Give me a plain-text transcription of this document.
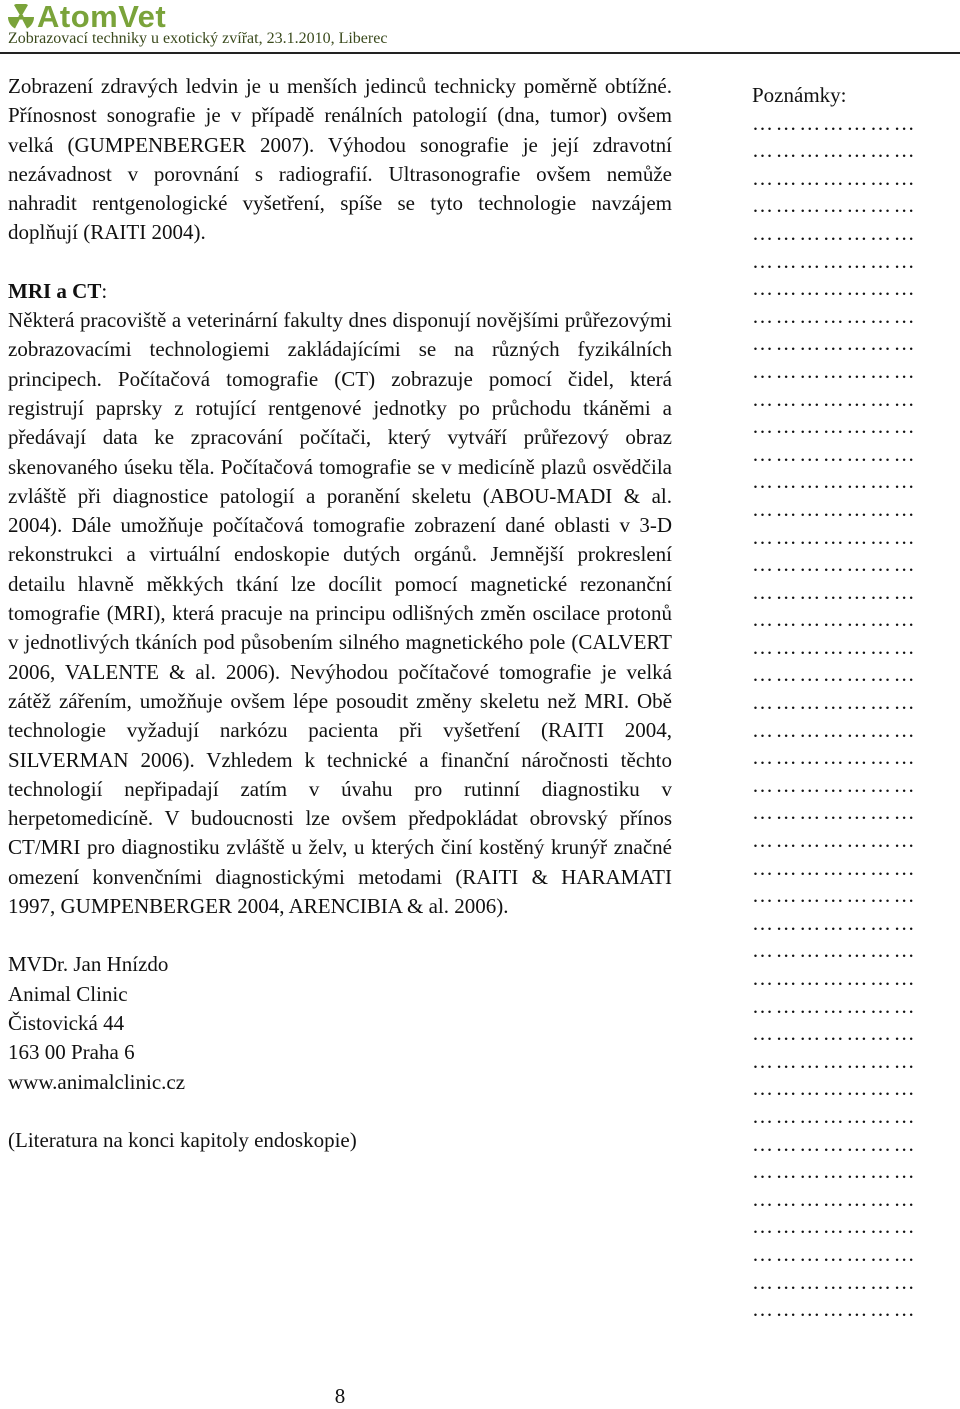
AtomVet
Zobrazovací techniky u exotický zvířat, 23.1.2010, Liberec

Zobrazení zdravých ledvin je u menších jedinců technicky poměrně obtížné. Přínosnost sonografie je v případě renálních patologií (dna, tumor) ovšem velká (GUMPENBERGER 2007). Výhodou sonografie je její zdravotní nezávadnost v porovnání s radiografií. Ultrasonografie ovšem nemůže nahradit rentgenologické vyšetření, spíše se tyto technologie navzájem doplňují (RAITI 2004).

MRI a CT:

Některá pracoviště a veterinární fakulty dnes disponují novějšími průřezovými zobrazovacími technologiemi zakládajícími se na různých fyzikálních principech. Počítačová tomografie (CT) zobrazuje pomocí čidel, která registrují paprsky z rotující rentgenové jednotky po průchodu tkáněmi a předávají data ke zpracování počítači, který vytváří průřezový obraz skenovaného úseku těla. Počítačová tomografie se v medicíně plazů osvědčila zvláště při diagnostice patologií a poranění skeletu (ABOU-MADI & al. 2004). Dále umožňuje počítačová tomografie zobrazení dané oblasti v 3-D rekonstrukci a virtuální endoskopie dutých orgánů. Jemnější prokreslení detailu hlavně měkkých tkání lze docílit pomocí magnetické rezonanční tomografie (MRI), která pracuje na principu odlišných změn oscilace protonů v jednotlivých tkáních pod působením silného magnetického pole (CALVERT 2006, VALENTE & al. 2006). Nevýhodou počítačové tomografie je velká zátěž zářením, umožňuje ovšem lépe posoudit změny skeletu než MRI. Obě technologie vyžadují narkózu pacienta při vyšetření (RAITI 2004, SILVERMAN 2006). Vzhledem k technické a finanční náročnosti těchto technologií nepřipadají zatím v úvahu pro rutinní diagnostiku v herpetomedicíně. V budoucnosti lze ovšem předpokládat obrovský přínos CT/MRI pro diagnostiku zvláště u želv, u kterých činí kostěný krunýř značné omezení konvenčními diagnostickými metodami (RAITI & HARAMATI 1997, GUMPENBERGER 2004, ARENCIBIA & al. 2006).

MVDr. Jan Hnízdo

Animal Clinic

Čistovická 44

163 00 Praha 6

www.animalclinic.cz

(Literatura na konci kapitoly endoskopie)

Poznámky:

…………………

…………………

…………………

…………………

…………………

…………………

…………………

…………………

…………………

…………………

…………………

…………………

…………………

…………………

…………………

…………………

…………………

…………………

…………………

…………………

…………………

…………………

…………………

…………………

…………………

…………………

…………………

…………………

…………………

…………………

…………………

…………………

…………………

…………………

…………………

…………………

…………………

…………………

…………………

…………………

…………………

…………………

…………………

…………………

8
